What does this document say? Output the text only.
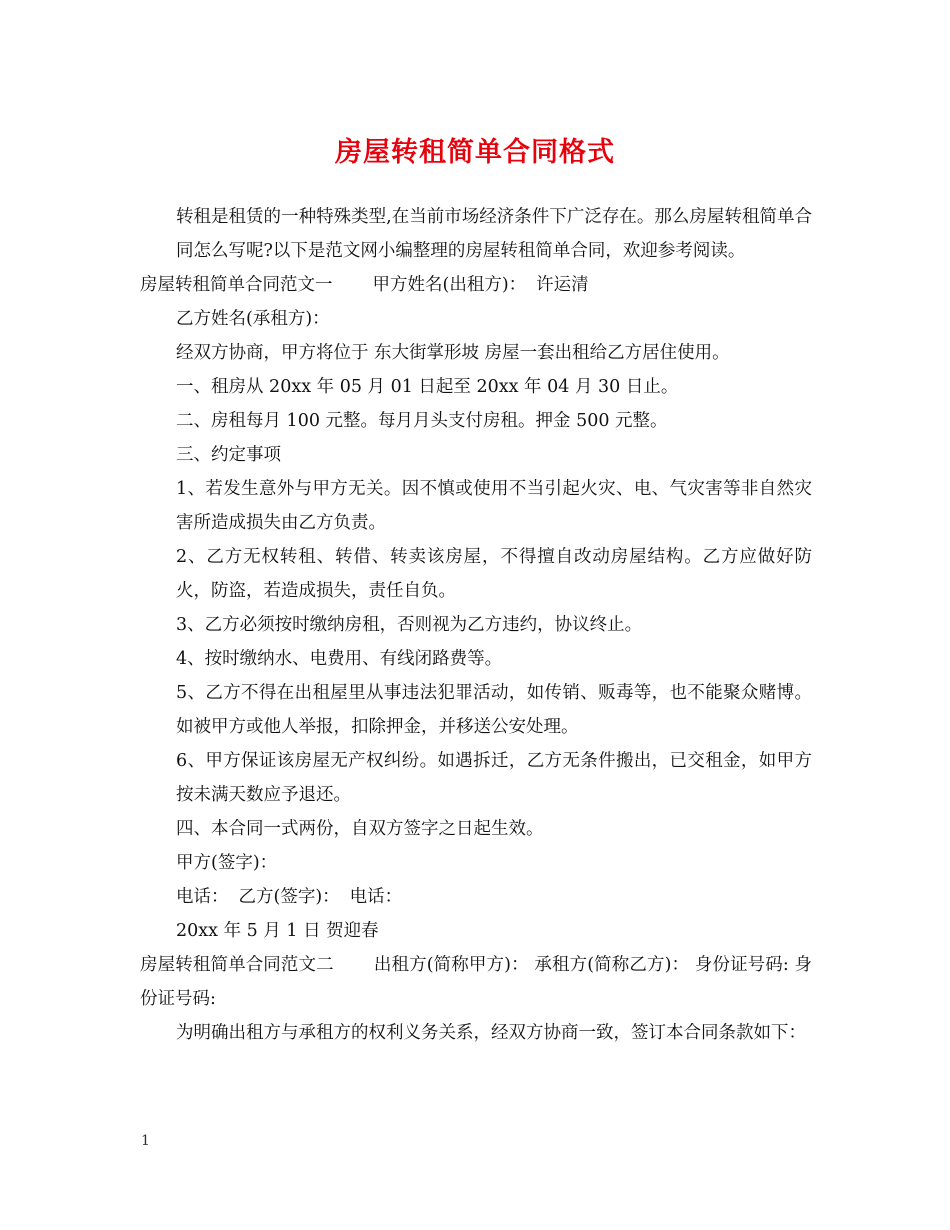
房屋转租简单合同格式

转租是租赁的一种特殊类型,在当前市场经济条件下广泛存在。那么房屋转租简单合同怎么写呢?以下是范文网小编整理的房屋转租简单合同，欢迎参考阅读。

房屋转租简单合同范文一 甲方姓名(出租方)： 许运清

乙方姓名(承租方)：

经双方协商，甲方将位于 东大街掌形坡 房屋一套出租给乙方居住使用。

一、租房从 20xx 年 05 月 01 日起至 20xx 年 04 月 30 日止。

二、房租每月 100 元整。每月月头支付房租。押金 500 元整。

三、约定事项

1、若发生意外与甲方无关。因不慎或使用不当引起火灾、电、气灾害等非自然灾害所造成损失由乙方负责。

2、乙方无权转租、转借、转卖该房屋，不得擅自改动房屋结构。乙方应做好防火，防盗，若造成损失，责任自负。

3、乙方必须按时缴纳房租，否则视为乙方违约，协议终止。

4、按时缴纳水、电费用、有线闭路费等。

5、乙方不得在出租屋里从事违法犯罪活动，如传销、贩毒等，也不能聚众赌博。如被甲方或他人举报，扣除押金，并移送公安处理。

6、甲方保证该房屋无产权纠纷。如遇拆迁，乙方无条件搬出，已交租金，如甲方按未满天数应予退还。

四、本合同一式两份，自双方签字之日起生效。

甲方(签字)：

电话： 乙方(签字)： 电话：

20xx 年 5 月 1 日 贺迎春

房屋转租简单合同范文二 出租方(简称甲方)： 承租方(简称乙方)： 身份证号码: 身份证号码:

为明确出租方与承租方的权利义务关系，经双方协商一致，签订本合同条款如下：

1
